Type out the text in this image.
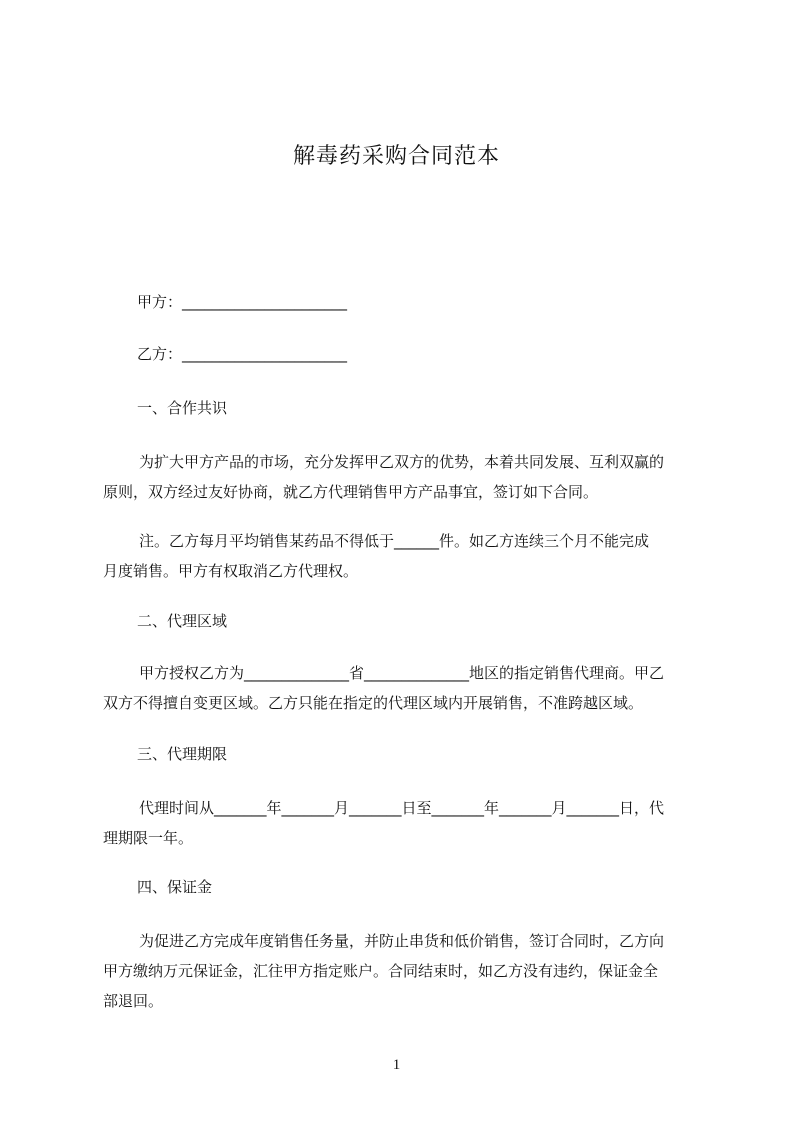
解毒药采购合同范本
甲方：______________________
乙方：______________________
一、合作共识
为扩大甲方产品的市场，充分发挥甲乙双方的优势，本着共同发展、互利双赢的
原则，双方经过友好协商，就乙方代理销售甲方产品事宜，签订如下合同。
注。乙方每月平均销售某药品不得低于______件。如乙方连续三个月不能完成
月度销售。甲方有权取消乙方代理权。
二、代理区域
甲方授权乙方为______________省______________地区的指定销售代理商。甲乙
双方不得擅自变更区域。乙方只能在指定的代理区域内开展销售，不准跨越区域。
三、代理期限
代理时间从_______年_______月_______日至_______年_______月_______日，代
理期限一年。
四、保证金
为促进乙方完成年度销售任务量，并防止串货和低价销售，签订合同时，乙方向
甲方缴纳万元保证金，汇往甲方指定账户。合同结束时，如乙方没有违约，保证金全
部退回。
1
